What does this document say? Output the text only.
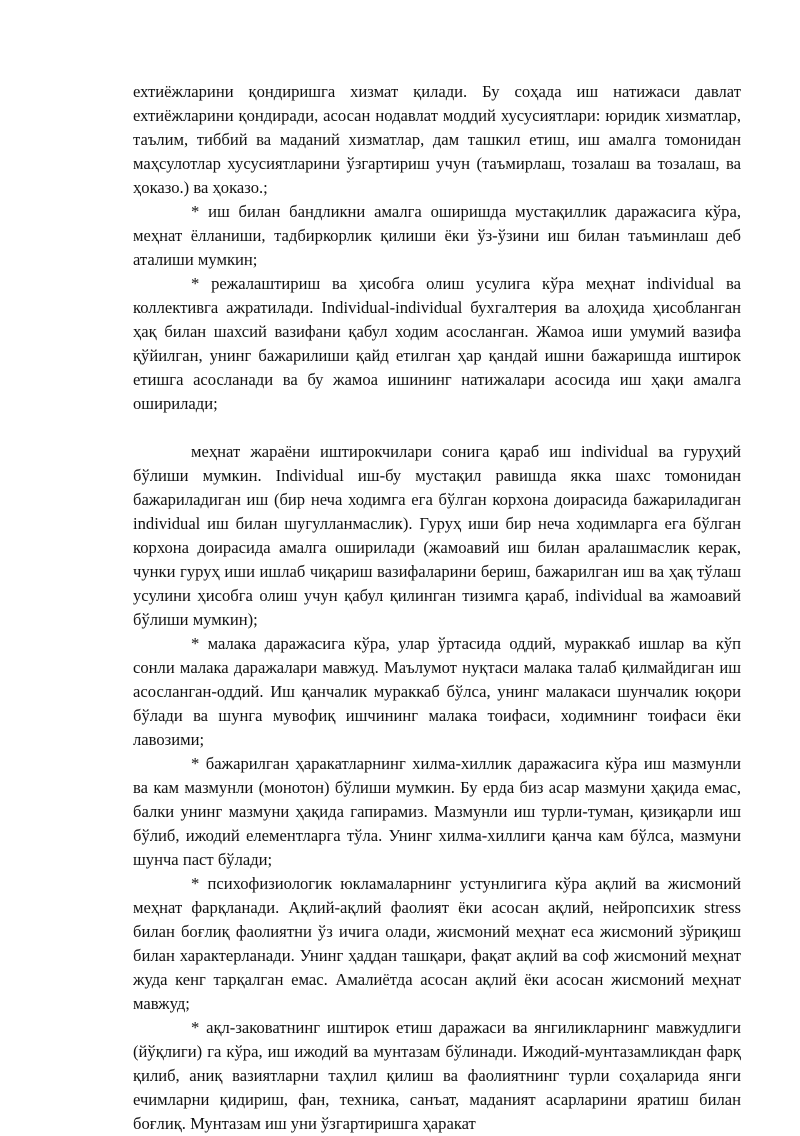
ехтиёжларини қондиришга хизмат қилади. Бу соҳада иш натижаси давлат ехтиёжларини қондиради, асосан нодавлат моддий хусусиятлари: юридик хизматлар, таълим, тиббий ва маданий хизматлар, дам ташкил етиш, иш амалга томонидан маҳсулотлар хусусиятларини ўзгартириш учун (таъмирлаш, тозалаш ва тозалаш, ва ҳоказо.) ва ҳоказо.;

* иш билан бандликни амалга оширишда мустақиллик даражасига кўра, меҳнат ёлланиши, тадбиркорлик қилиши ёки ўз-ўзини иш билан таъминлаш деб аталиши мумкин;

* режалаштириш ва ҳисобга олиш усулига кўра меҳнат individual ва коллективга ажратилади. Individual-individual бухгалтерия ва алоҳида ҳисобланган ҳақ билан шахсий вазифани қабул ходим асосланган. Жамоа иши умумий вазифа қўйилган, унинг бажарилиши қайд етилган ҳар қандай ишни бажаришда иштирок етишга асосланади ва бу жамоа ишининг натижалари асосида иш ҳақи амалга оширилади;

меҳнат жараёни иштирокчилари сонига қараб иш individual ва гуруҳий бўлиши мумкин. Individual иш-бу мустақил равишда якка шахс томонидан бажариладиган иш (бир неча ходимга ега бўлган корхона доирасида бажариладиган individual иш билан шугулланмаслик). Гуруҳ иши бир неча ходимларга ега бўлган корхона доирасида амалга оширилади (жамоавий иш билан аралашмаслик керак, чунки гуруҳ иши ишлаб чиқариш вазифаларини бериш, бажарилган иш ва ҳақ тўлаш усулини ҳисобга олиш учун қабул қилинган тизимга қараб, individual ва жамоавий бўлиши мумкин);

* малака даражасига кўра, улар ўртасида оддий, мураккаб ишлар ва кўп сонли малака даражалари мавжуд. Маълумот нуқтаси малака талаб қилмайдиган иш асосланган-оддий. Иш қанчалик мураккаб бўлса, унинг малакаси шунчалик юқори бўлади ва шунга мувофиқ ишчининг малака тоифаси, ходимнинг тоифаси ёки лавозими;

* бажарилган ҳаракатларнинг хилма-хиллик даражасига кўра иш мазмунли ва кам мазмунли (монотон) бўлиши мумкин. Бу ерда биз асар мазмуни ҳақида емас, балки унинг мазмуни ҳақида гапирамиз. Мазмунли иш турли-туман, қизиқарли иш бўлиб, ижодий елементларга тўла. Унинг хилма-хиллиги қанча кам бўлса, мазмуни шунча паст бўлади;

* психофизиологик юкламаларнинг устунлигига кўра ақлий ва жисмоний меҳнат фарқланади. Ақлий-ақлий фаолият ёки асосан ақлий, нейропсихик stress билан боғлиқ фаолиятни ўз ичига олади, жисмоний меҳнат еса жисмоний зўриқиш билан характерланади. Унинг ҳаддан ташқари, фақат ақлий ва соф жисмоний меҳнат жуда кенг тарқалган емас. Амалиётда асосан ақлий ёки асосан жисмоний меҳнат мавжуд;

* ақл-заковатнинг иштирок етиш даражаси ва янгиликларнинг мавжудлиги (йўқлиги) га кўра, иш ижодий ва мунтазам бўлинади. Ижодий-мунтазамликдан фарқ қилиб, аниқ вазиятларни таҳлил қилиш ва фаолиятнинг турли соҳаларида янги ечимларни қидириш, фан, техника, санъат, маданият асарларини яратиш билан боғлиқ. Мунтазам иш уни ўзгартиришга ҳаракат
